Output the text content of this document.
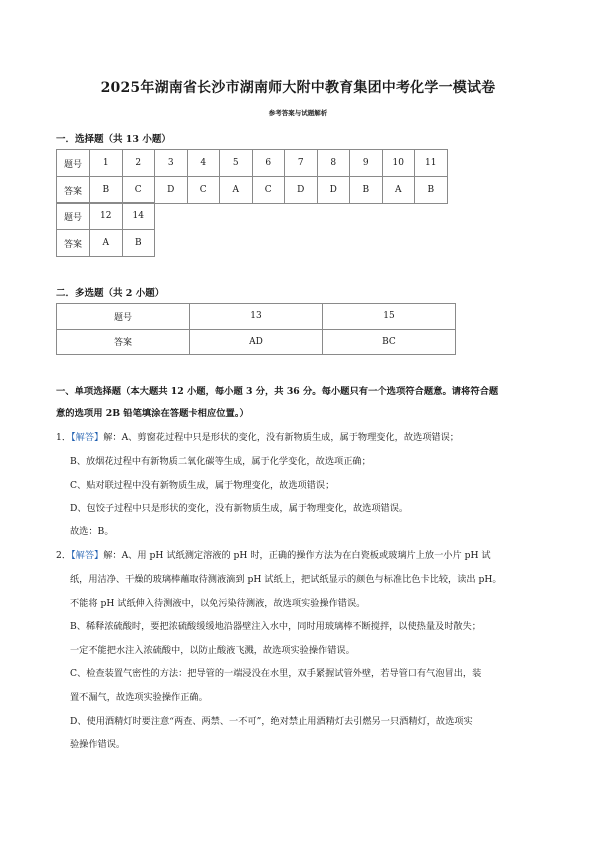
2025年湖南省长沙市湖南师大附中教育集团中考化学一模试卷
参考答案与试题解析
一．选择题（共 13 小题）
题号	1	2	3	4	5	6	7	8	9	10	11
答案	B	C	D	C	A	C	D	D	B	A	B
题号	12	14
答案	A	B
二．多选题（共 2 小题）
题号	13	15
答案	AD	BC
一、单项选择题（本大题共 12 小题，每小题 3 分，共 36 分。每小题只有一个选项符合题意。请将符合题
意的选项用 2B 铅笔填涂在答题卡相应位置。）
1．【解答】解：A、剪窗花过程中只是形状的变化，没有新物质生成，属于物理变化，故选项错误；
B、放烟花过程中有新物质二氧化碳等生成，属于化学变化，故选项正确；
C、贴对联过程中没有新物质生成，属于物理变化，故选项错误；
D、包饺子过程中只是形状的变化，没有新物质生成，属于物理变化，故选项错误。
故选：B。
2．【解答】解：A、用 pH 试纸测定溶液的 pH 时，正确的操作方法为在白瓷板或玻璃片上放一小片 pH 试
纸，用洁净、干燥的玻璃棒蘸取待测液滴到 pH 试纸上，把试纸显示的颜色与标准比色卡比较，读出 pH。
不能将 pH 试纸伸入待测液中，以免污染待测液，故选项实验操作错误。
B、稀释浓硫酸时，要把浓硫酸缓缓地沿器壁注入水中，同时用玻璃棒不断搅拌，以使热量及时散失；
一定不能把水注入浓硫酸中，以防止酸液飞溅，故选项实验操作错误。
C、检查装置气密性的方法：把导管的一端浸没在水里，双手紧握试管外壁，若导管口有气泡冒出，装
置不漏气，故选项实验操作正确。
D、使用酒精灯时要注意“两查、两禁、一不可”，绝对禁止用酒精灯去引燃另一只酒精灯，故选项实
验操作错误。
